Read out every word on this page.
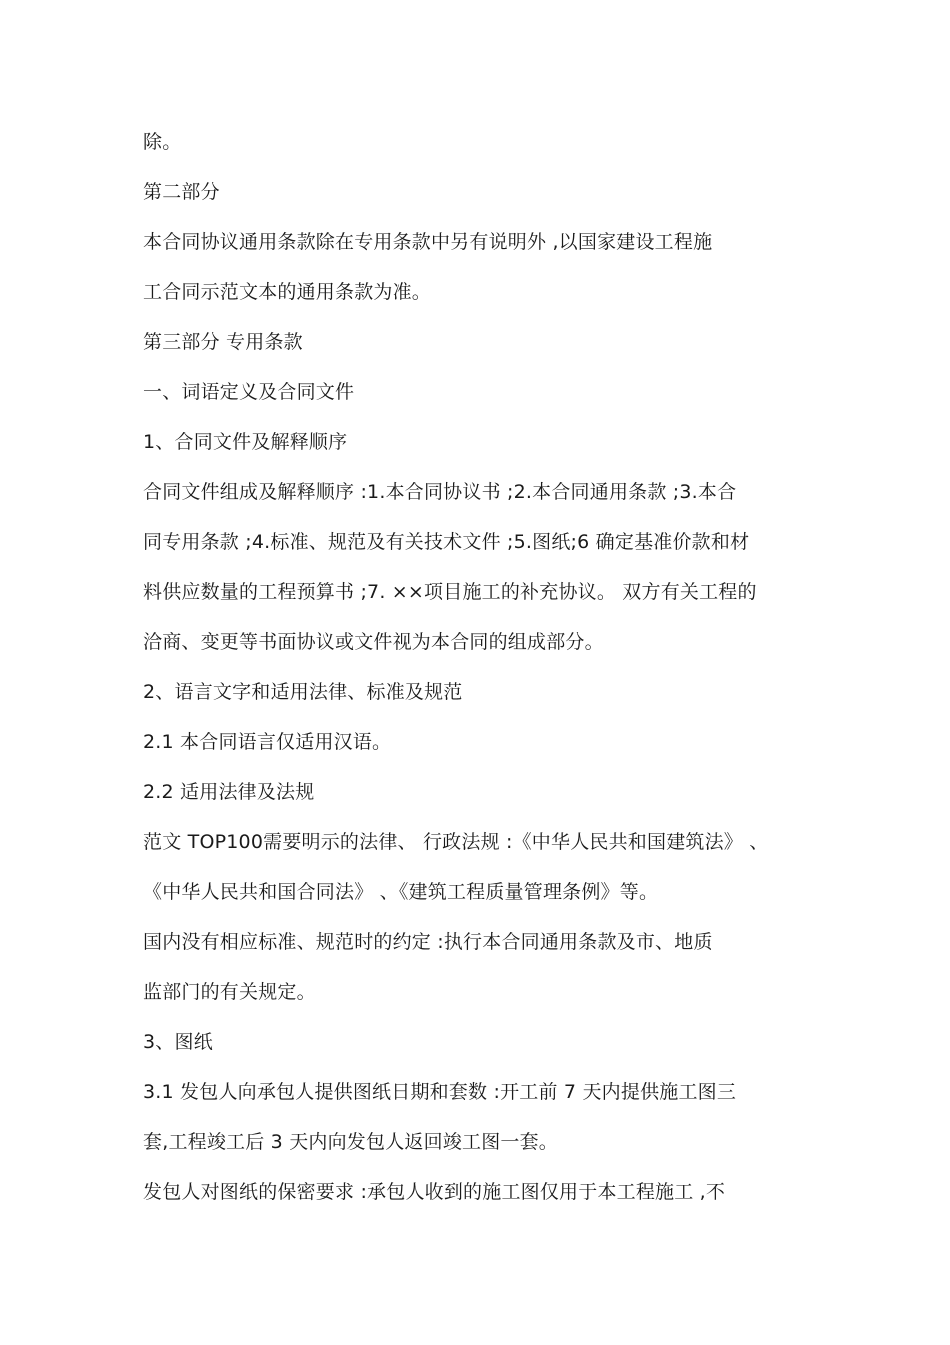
除。
第二部分
本合同协议通用条款除在专用条款中另有说明外 ,以国家建设工程施
工合同示范文本的通用条款为准。
第三部分 专用条款
一、词语定义及合同文件
1、合同文件及解释顺序
合同文件组成及解释顺序 :1.本合同协议书 ;2.本合同通用条款 ;3.本合
同专用条款 ;4.标准、规范及有关技术文件 ;5.图纸;6 确定基准价款和材
料供应数量的工程预算书 ;7. ××项目施工的补充协议。 双方有关工程的
洽商、变更等书面协议或文件视为本合同的组成部分。
2、语言文字和适用法律、标准及规范
2.1 本合同语言仅适用汉语。
2.2 适用法律及法规
范文 TOP100需要明示的法律、 行政法规 :《中华人民共和国建筑法》 、
《中华人民共和国合同法》 、《建筑工程质量管理条例》等。
国内没有相应标准、规范时的约定 :执行本合同通用条款及市、地质
监部门的有关规定。
3、图纸
3.1 发包人向承包人提供图纸日期和套数 :开工前 7 天内提供施工图三
套,工程竣工后 3 天内向发包人返回竣工图一套。
发包人对图纸的保密要求 :承包人收到的施工图仅用于本工程施工 ,不
